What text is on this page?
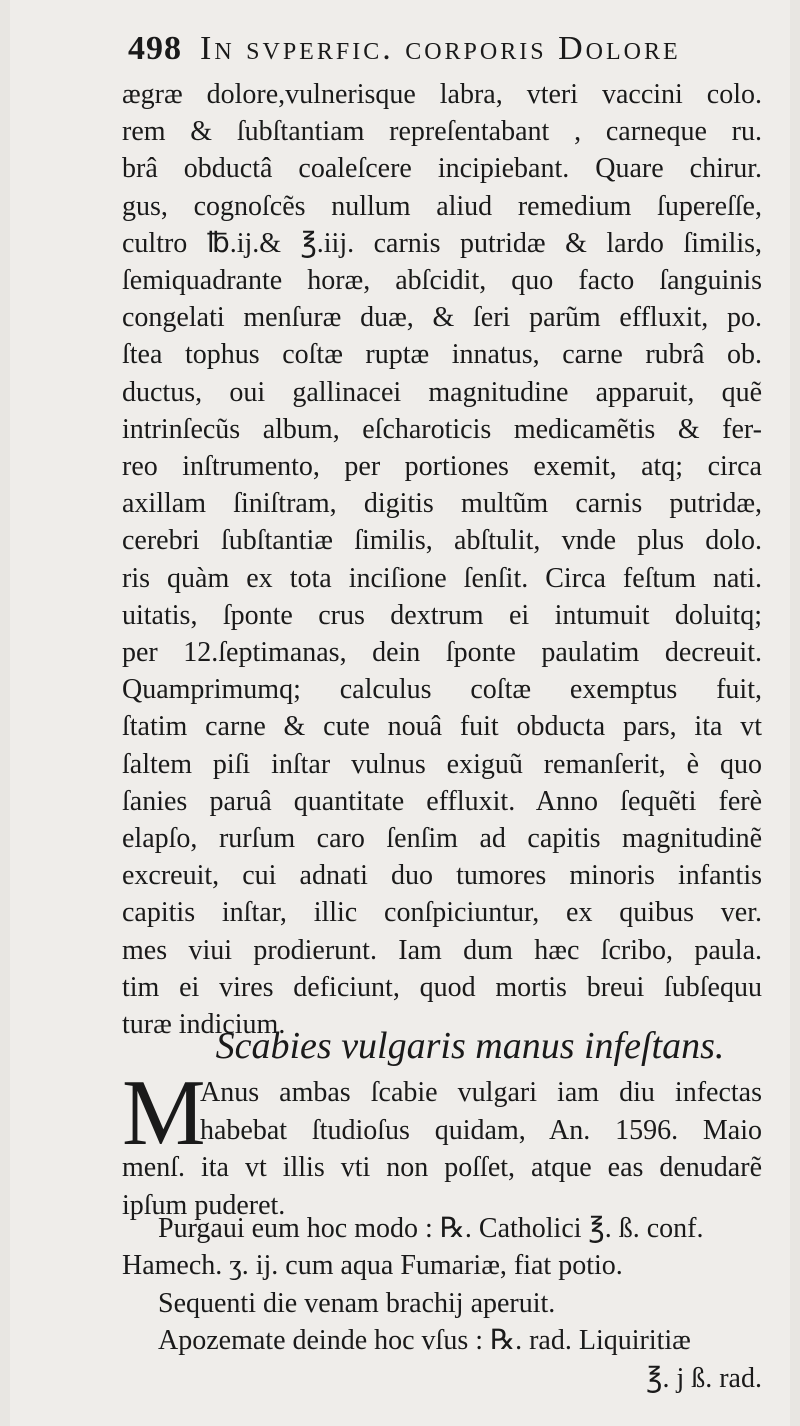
498 In svperfic. corporis Dolore
ægræ dolore,vulnerisque labra, vteri vaccini colo.
rem & ſubſtantiam repreſentabant , carneque ru.
brâ obductâ coaleſcere incipiebant. Quare chirur.
gus, cognoſcẽs nullum aliud remedium ſupereſſe,
cultro ℔.ij.& ℥.iij. carnis putridæ & lardo ſimilis,
ſemiquadrante horæ, abſcidit, quo facto ſanguinis
congelati menſuræ duæ, & ſeri parũm effluxit, po.
ſtea tophus coſtæ ruptæ innatus, carne rubrâ ob.
ductus, oui gallinacei magnitudine apparuit, quẽ
intrinſecũs album, eſcharoticis medicamẽtis & fer-
reo inſtrumento, per portiones exemit, atq; circa
axillam ſiniſtram, digitis multũm carnis putridæ,
cerebri ſubſtantiæ ſimilis, abſtulit, vnde plus dolo.
ris quàm ex tota inciſione ſenſit. Circa feſtum nati.
uitatis, ſponte crus dextrum ei intumuit doluitq;
per 12.ſeptimanas, dein ſponte paulatim decreuit.
Quamprimumq; calculus coſtæ exemptus fuit,
ſtatim carne & cute nouâ fuit obducta pars, ita vt
ſaltem piſi inſtar vulnus exiguũ remanſerit, è quo
ſanies paruâ quantitate effluxit. Anno ſequẽti ferè
elapſo, rurſum caro ſenſim ad capitis magnitudinẽ
excreuit, cui adnati duo tumores minoris infantis
capitis inſtar, illic conſpiciuntur, ex quibus ver.
mes viui prodierunt. Iam dum hæc ſcribo, paula.
tim ei vires deficiunt, quod mortis breui ſubſequu
turæ indicium.
Scabies vulgaris manus infeſtans.
M
Anus ambas ſcabie vulgari iam diu infectas
habebat ſtudioſus quidam, An. 1596. Maio
menſ. ita vt illis vti non poſſet, atque eas denudarẽ
ipſum puderet.
Purgaui eum hoc modo : ℞. Catholici ℥. ß. conf.
Hamech. ʒ. ij. cum aqua Fumariæ, fiat potio.
Sequenti die venam brachij aperuit.
Apozemate deinde hoc vſus : ℞. rad. Liquiritiæ
℥. j ß. rad.
